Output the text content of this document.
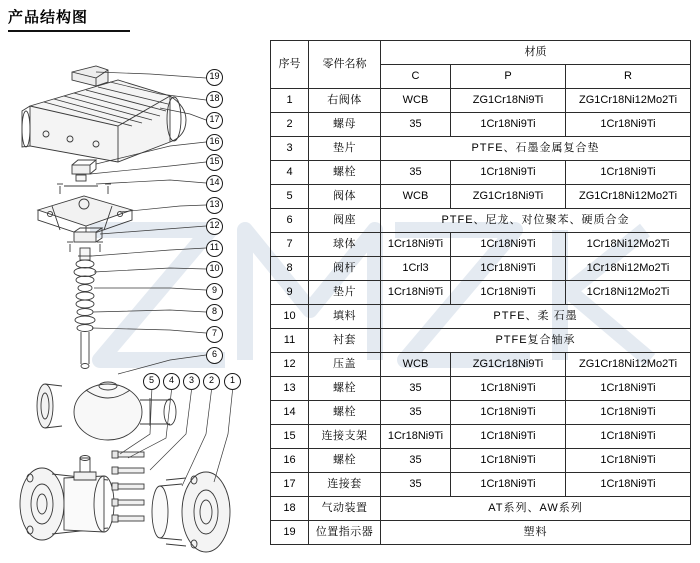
产品结构图
19
18
17
16
15
14
13
12
11
10
9
8
7
6
5	4	3	2	1
序号	零件名称	材质		
		C	P	R
1	右阀体	WCB	ZG1Cr18Ni9Ti	ZG1Cr18Ni12Mo2Ti
2	螺母	35	1Cr18Ni9Ti	1Cr18Ni9Ti
3	垫片	PTFE、石墨金属复合垫		
4	螺栓	35	1Cr18Ni9Ti	1Cr18Ni9Ti
5	阀体	WCB	ZG1Cr18Ni9Ti	ZG1Cr18Ni12Mo2Ti
6	阀座	PTFE、尼龙、对位聚苯、硬质合金		
7	球体	1Cr18Ni9Ti	1Cr18Ni9Ti	1Cr18Ni12Mo2Ti
8	阀杆	1Crl3	1Cr18Ni9Ti	1Cr18Ni12Mo2Ti
9	垫片	1Cr18Ni9Ti	1Cr18Ni9Ti	1Cr18Ni12Mo2Ti
10	填料	PTFE、柔 石墨		
11	衬套	PTFE复合轴承		
12	压盖	WCB	ZG1Cr18Ni9Ti	ZG1Cr18Ni12Mo2Ti
13	螺栓	35	1Cr18Ni9Ti	1Cr18Ni9Ti
14	螺栓	35	1Cr18Ni9Ti	1Cr18Ni9Ti
15	连接支架	1Cr18Ni9Ti	1Cr18Ni9Ti	1Cr18Ni9Ti
16	螺栓	35	1Cr18Ni9Ti	1Cr18Ni9Ti
17	连接套	35	1Cr18Ni9Ti	1Cr18Ni9Ti
18	气动装置	AT系列、AW系列		
19	位置指示器	塑料		
